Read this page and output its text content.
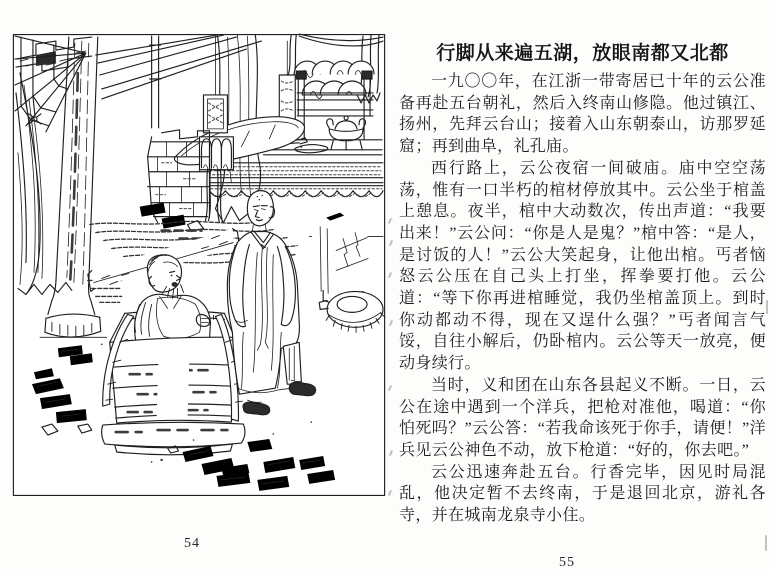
54
行脚从来遍五湖，放眼南都又北都

一九〇〇年，在江浙一带寄居已十年的云公准备再赴五台朝礼，然后入终南山修隐。他过镇江、扬州，先拜云台山；接着入山东朝泰山，访那罗延窟；再到曲阜，礼孔庙。

西行路上，云公夜宿一间破庙。庙中空空荡荡，惟有一口半朽的棺材停放其中。云公坐于棺盖上憩息。夜半，棺中大动数次，传出声道：“我要出来！”云公问：“你是人是鬼？”棺中答：“是人，是讨饭的人！”云公大笑起身，让他出棺。丐者恼怒云公压在自己头上打坐，挥拳要打他。云公道：“等下你再进棺睡觉，我仍坐棺盖顶上。到时你动都动不得，现在又逞什么强？”丐者闻言气馁，自往小解后，仍卧棺内。云公等天一放亮，便动身续行。

当时，义和团在山东各县起义不断。一日，云公在途中遇到一个洋兵，把枪对准他，喝道：“你怕死吗？”云公答：“若我命该死于你手，请便！”洋兵见云公神色不动，放下枪道：“好的，你去吧。”

云公迅速奔赴五台。行香完毕，因见时局混乱，他决定暂不去终南，于是退回北京，游礼各寺，并在城南龙泉寺小住。

55
